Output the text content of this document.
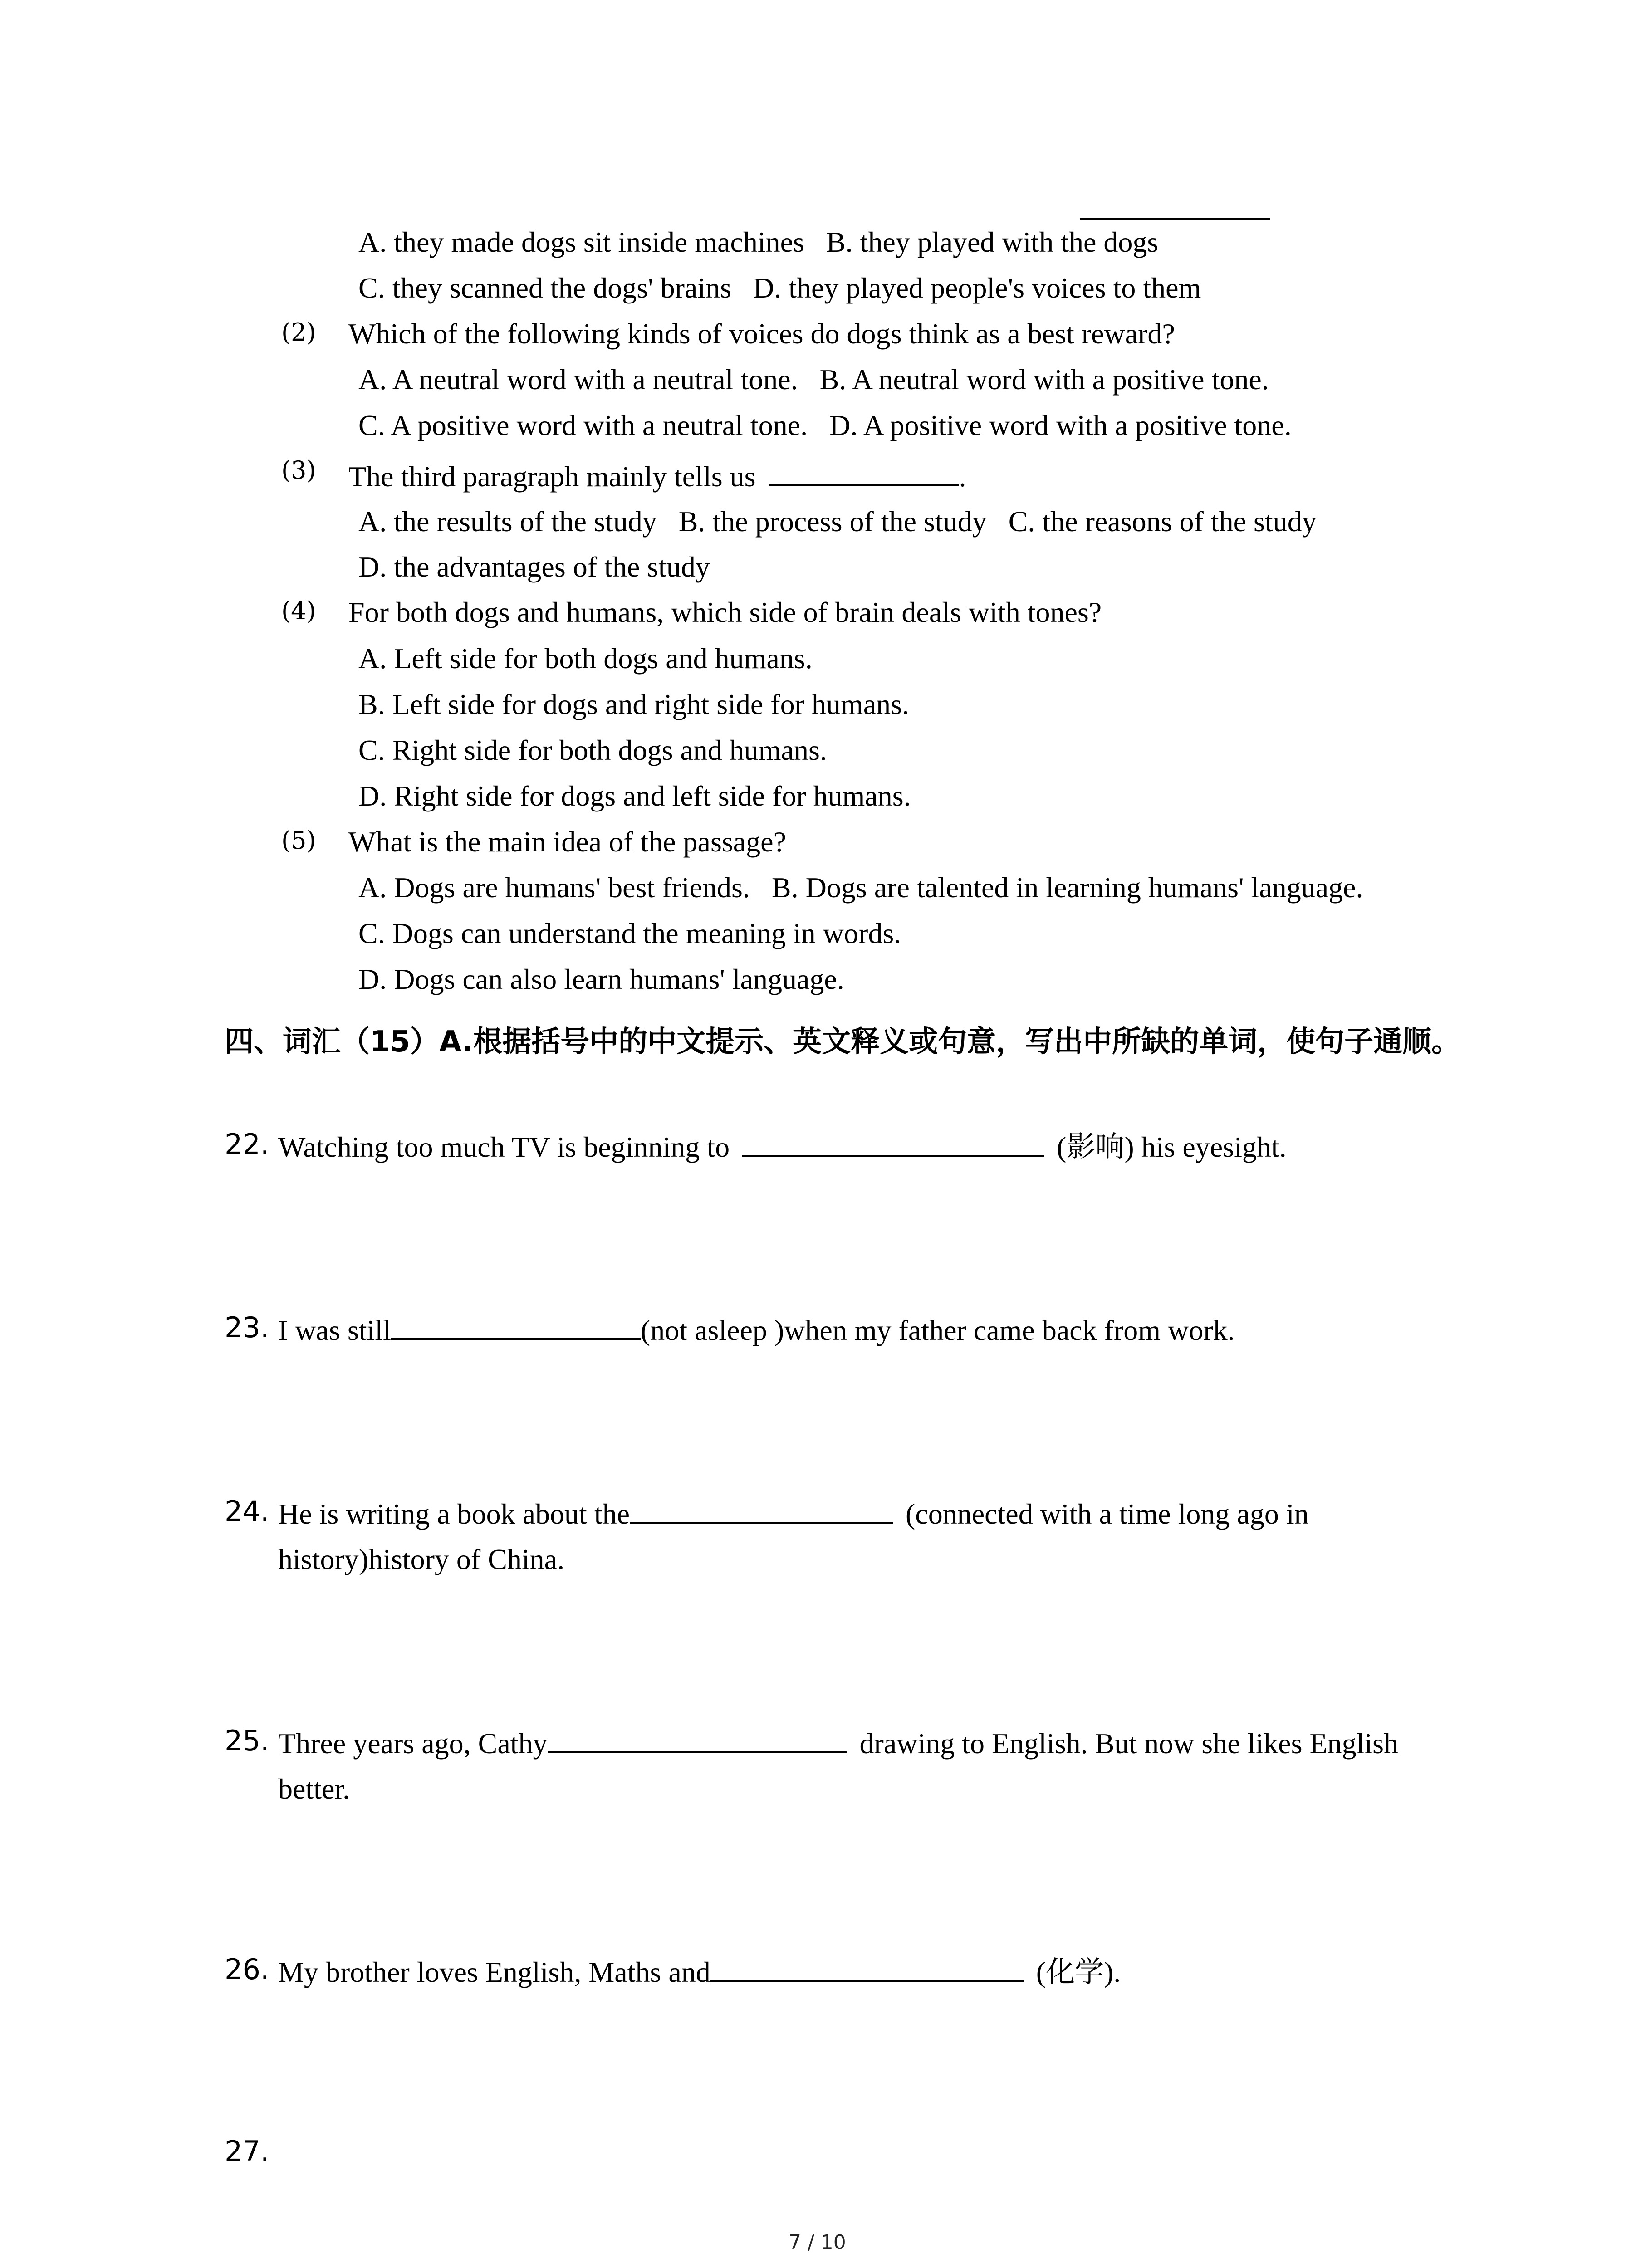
A. they made dogs sit inside machines B. they played with the dogs
C. they scanned the dogs' brains D. they played people's voices to them
(2) Which of the following kinds of voices do dogs think as a best reward?
A. A neutral word with a neutral tone. B. A neutral word with a positive tone.
C. A positive word with a neutral tone. D. A positive word with a positive tone.
(3) The third paragraph mainly tells us	.
A. the results of the study B. the process of the study C. the reasons of the study
D. the advantages of the study
(4) For both dogs and humans, which side of brain deals with tones?
A. Left side for both dogs and humans.
B. Left side for dogs and right side for humans.
C. Right side for both dogs and humans.
D. Right side for dogs and left side for humans.
(5) What is the main idea of the passage?
A. Dogs are humans' best friends. B. Dogs are talented in learning humans' language.
C. Dogs can understand the meaning in words.
D. Dogs can also learn humans' language.
四、词汇（15）A.根据括号中的中文提示、英文释义或句意，写出中所缺的单词，使句子通顺。
22. Watching too much TV is beginning to	(影响) his eyesight.
23. I was still	(not asleep )when my father came back from work.
24. He is writing a book about the	(connected with a time long ago in
history)history of China.
25. Three years ago, Cathy	drawing to English. But now she likes English
better.
26. My brother loves English, Maths and	(化学).
27.
7 / 10
